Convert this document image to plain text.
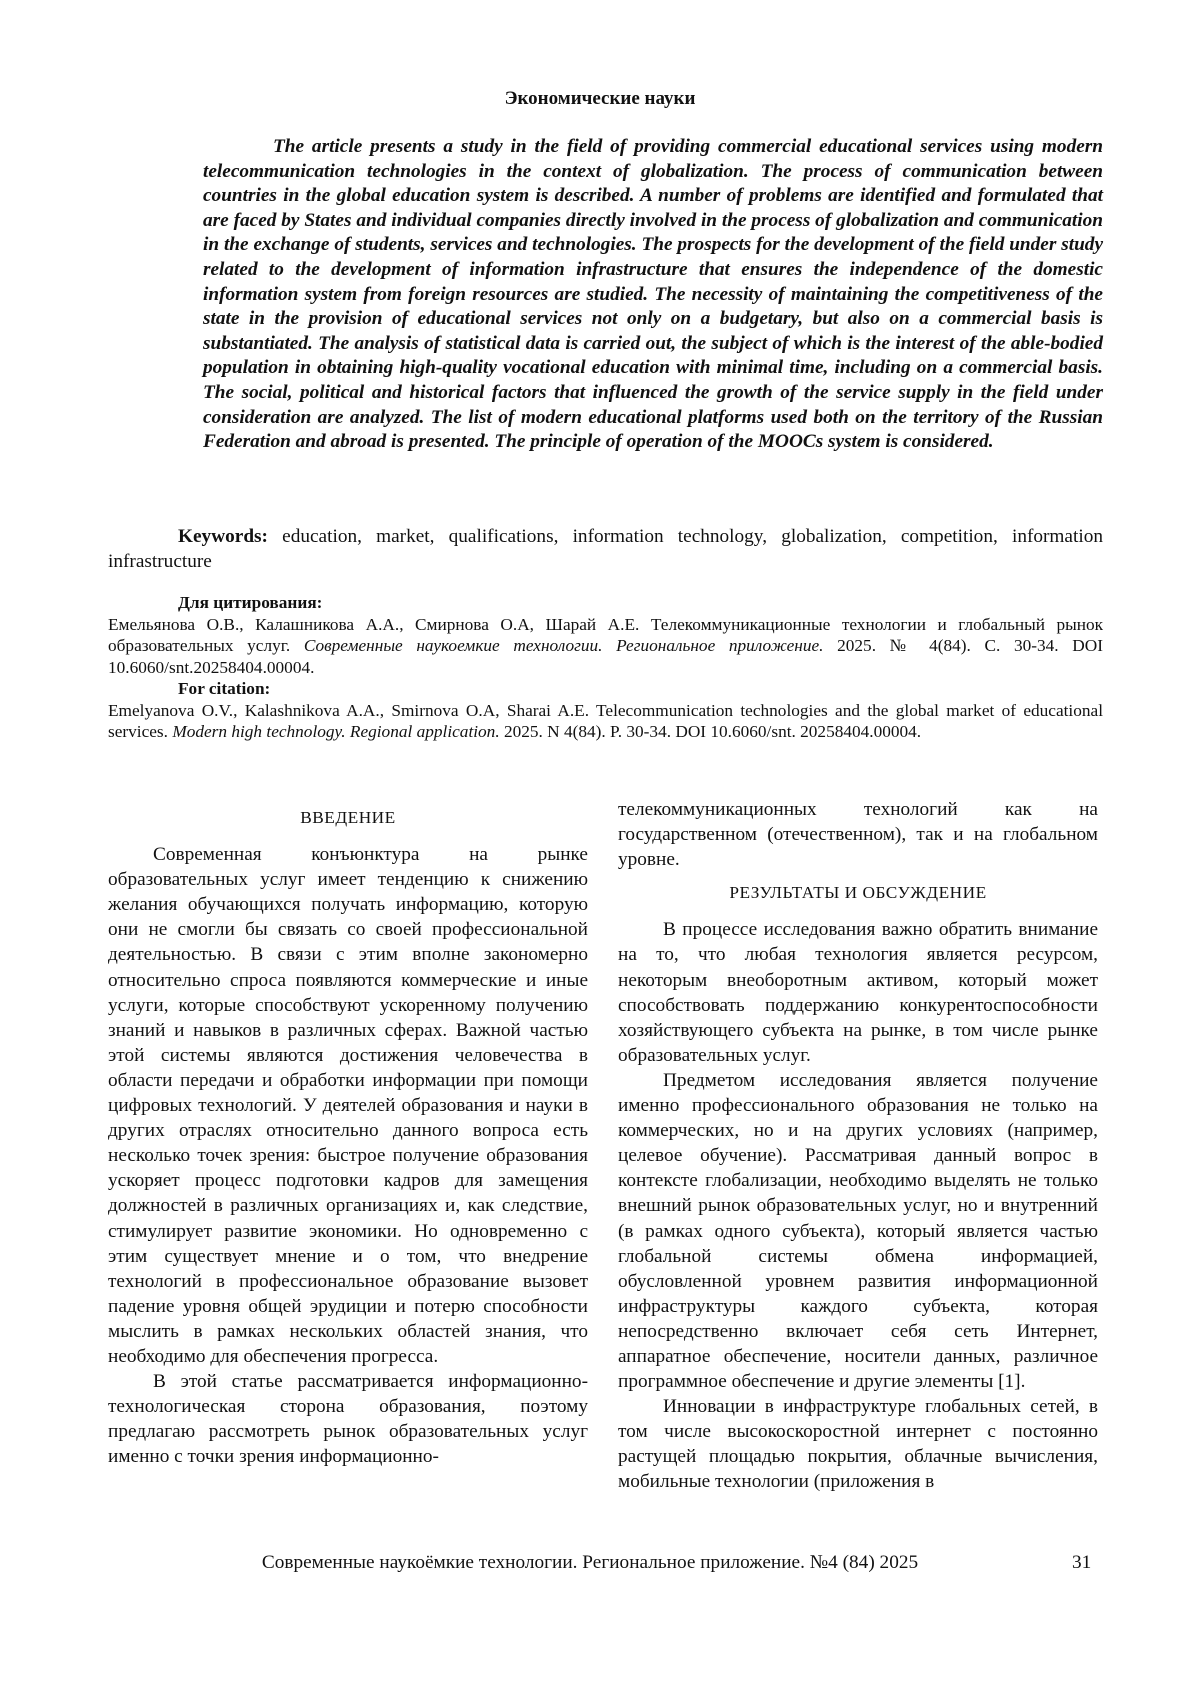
Экономические науки

The article presents a study in the field of providing commercial educational services using modern telecommunication technologies in the context of globalization. The process of communication between countries in the global education system is described. A number of problems are identified and formulated that are faced by States and individual companies directly involved in the process of globalization and communication in the exchange of students, services and technologies. The prospects for the development of the field under study related to the development of information infrastructure that ensures the independence of the domestic information system from foreign resources are studied. The necessity of maintaining the competitiveness of the state in the provision of educational services not only on a budgetary, but also on a commercial basis is substantiated. The analysis of statistical data is carried out, the subject of which is the interest of the able-bodied population in obtaining high-quality vocational education with minimal time, including on a commercial basis. The social, political and historical factors that influenced the growth of the service supply in the field under consideration are analyzed. The list of modern educational platforms used both on the territory of the Russian Federation and abroad is presented. The principle of operation of the MOOCs system is considered.

Keywords: education, market, qualifications, information technology, globalization, competition, information infrastructure

Для цитирования:
Емельянова О.В., Калашникова А.А., Смирнова О.А, Шарай А.Е. Телекоммуникационные технологии и глобальный рынок образовательных услуг. Современные наукоемкие технологии. Региональное приложение. 2025. № 4(84). С. 30-34. DOI 10.6060/snt.20258404.00004.
For citation:
Emelyanova O.V., Kalashnikova A.A., Smirnova O.A, Sharai A.E. Telecommunication technologies and the global market of educational services. Modern high technology. Regional application. 2025. N 4(84). P. 30-34. DOI 10.6060/snt. 20258404.00004.
ВВЕДЕНИЕ

Современная конъюнктура на рынке образовательных услуг имеет тенденцию к снижению желания обучающихся получать информацию, которую они не смогли бы связать со своей профессиональной деятельностью. В связи с этим вполне закономерно относительно спроса появляются коммерческие и иные услуги, которые способствуют ускоренному получению знаний и навыков в различных сферах. Важной частью этой системы являются достижения человечества в области передачи и обработки информации при помощи цифровых технологий. У деятелей образования и науки в других отраслях относительно данного вопроса есть несколько точек зрения: быстрое получение образования ускоряет процесс подготовки кадров для замещения должностей в различных организациях и, как следствие, стимулирует развитие экономики. Но одновременно с этим существует мнение и о том, что внедрение технологий в профессиональное образование вызовет падение уровня общей эрудиции и потерю способности мыслить в рамках нескольких областей знания, что необходимо для обеспечения прогресса.

В этой статье рассматривается информационно-технологическая сторона образования, поэтому предлагаю рассмотреть рынок образовательных услуг именно с точки зрения информационно-

телекоммуникационных технологий как на государственном (отечественном), так и на глобальном уровне.

РЕЗУЛЬТАТЫ И ОБСУЖДЕНИЕ

В процессе исследования важно обратить внимание на то, что любая технология является ресурсом, некоторым внеоборотным активом, который может способствовать поддержанию конкурентоспособности хозяйствующего субъекта на рынке, в том числе рынке образовательных услуг.

Предметом исследования является получение именно профессионального образования не только на коммерческих, но и на других условиях (например, целевое обучение). Рассматривая данный вопрос в контексте глобализации, необходимо выделять не только внешний рынок образовательных услуг, но и внутренний (в рамках одного субъекта), который является частью глобальной системы обмена информацией, обусловленной уровнем развития информационной инфраструктуры каждого субъекта, которая непосредственно включает себя сеть Интернет, аппаратное обеспечение, носители данных, различное программное обеспечение и другие элементы [1].

Инновации в инфраструктуре глобальных сетей, в том числе высокоскоростной интернет с постоянно растущей площадью покрытия, облачные вычисления, мобильные технологии (приложения в

Современные наукоёмкие технологии. Региональное приложение. №4 (84) 2025	31
